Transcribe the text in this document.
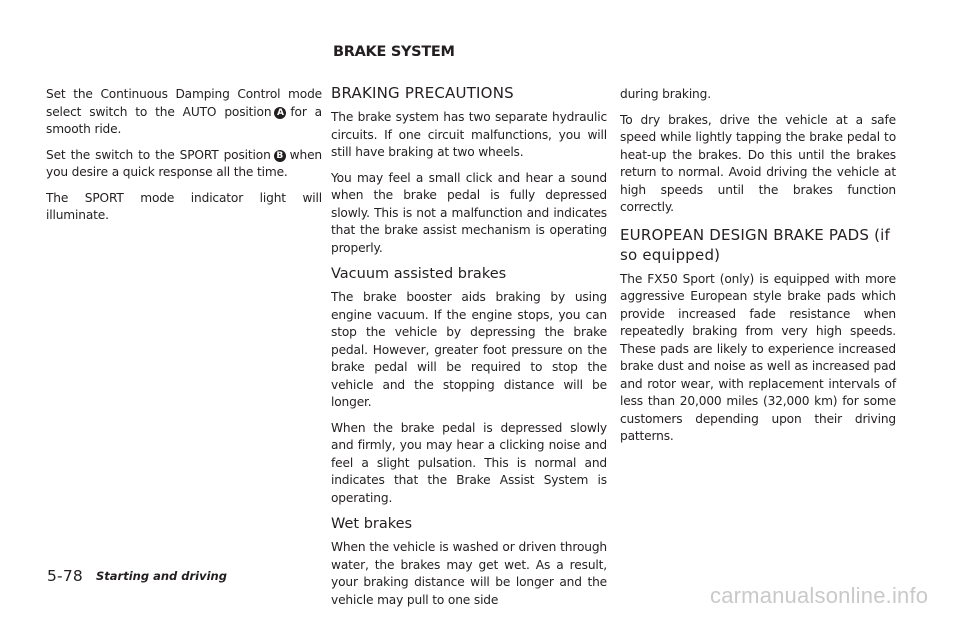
BRAKE SYSTEM

Set the Continuous Damping Control mode select switch to the AUTO position A for a smooth ride.

Set the switch to the SPORT position B when you desire a quick response all the time.

The SPORT mode indicator light will illuminate.

BRAKING PRECAUTIONS

The brake system has two separate hydraulic circuits. If one circuit malfunctions, you will still have braking at two wheels.

You may feel a small click and hear a sound when the brake pedal is fully depressed slowly. This is not a malfunction and indicates that the brake assist mechanism is operating properly.

Vacuum assisted brakes

The brake booster aids braking by using engine vacuum. If the engine stops, you can stop the vehicle by depressing the brake pedal. However, greater foot pressure on the brake pedal will be required to stop the vehicle and the stopping distance will be longer.

When the brake pedal is depressed slowly and firmly, you may hear a clicking noise and feel a slight pulsation. This is normal and indicates that the Brake Assist System is operating.

Wet brakes

When the vehicle is washed or driven through water, the brakes may get wet. As a result, your braking distance will be longer and the vehicle may pull to one side

during braking.

To dry brakes, drive the vehicle at a safe speed while lightly tapping the brake pedal to heat-up the brakes. Do this until the brakes return to normal. Avoid driving the vehicle at high speeds until the brakes function correctly.

EUROPEAN DESIGN BRAKE PADS (if so equipped)

The FX50 Sport (only) is equipped with more aggressive European style brake pads which provide increased fade resistance when repeatedly braking from very high speeds. These pads are likely to experience increased brake dust and noise as well as increased pad and rotor wear, with replacement intervals of less than 20,000 miles (32,000 km) for some customers depending upon their driving patterns.

5-78 Starting and driving
carmanualsonline.info
